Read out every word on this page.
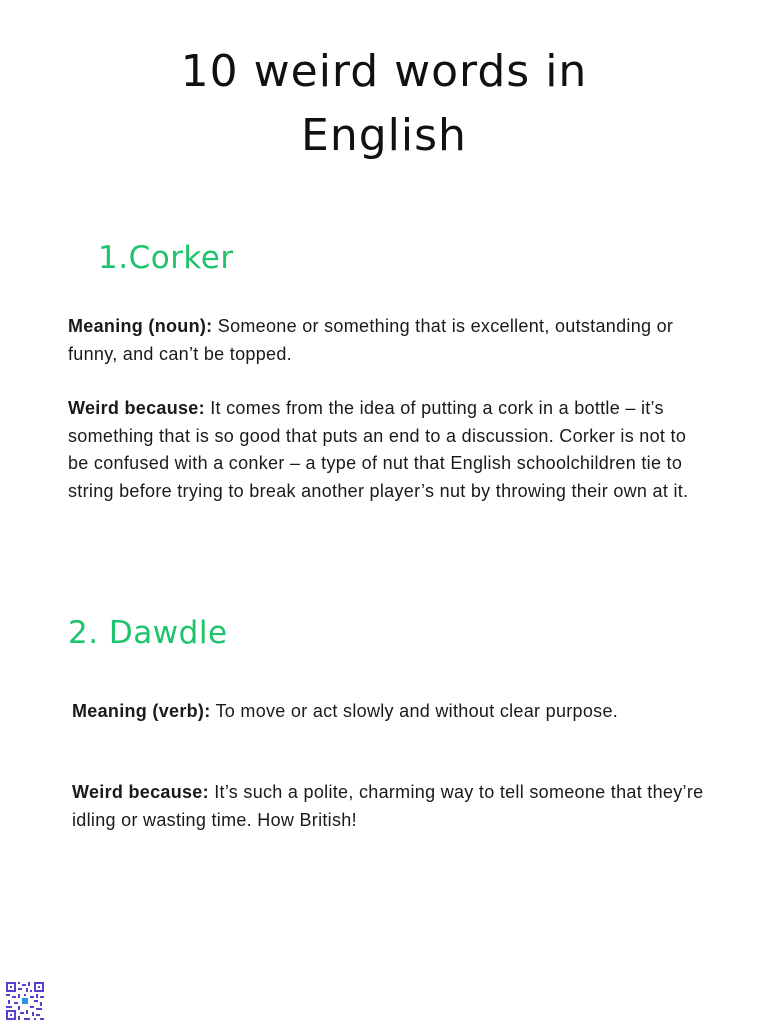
10 weird words in
English
1.Corker

Meaning (noun): Someone or something that is excellent, outstanding or funny, and can’t be topped.

Weird because: It comes from the idea of putting a cork in a bottle – it’s something that is so good that puts an end to a discussion. Corker is not to be confused with a conker – a type of nut that English schoolchildren tie to string before trying to break another player’s nut by throwing their own at it.

2. Dawdle

Meaning (verb): To move or act slowly and without clear purpose.

Weird because: It’s such a polite, charming way to tell someone that they’re idling or wasting time. How British!
